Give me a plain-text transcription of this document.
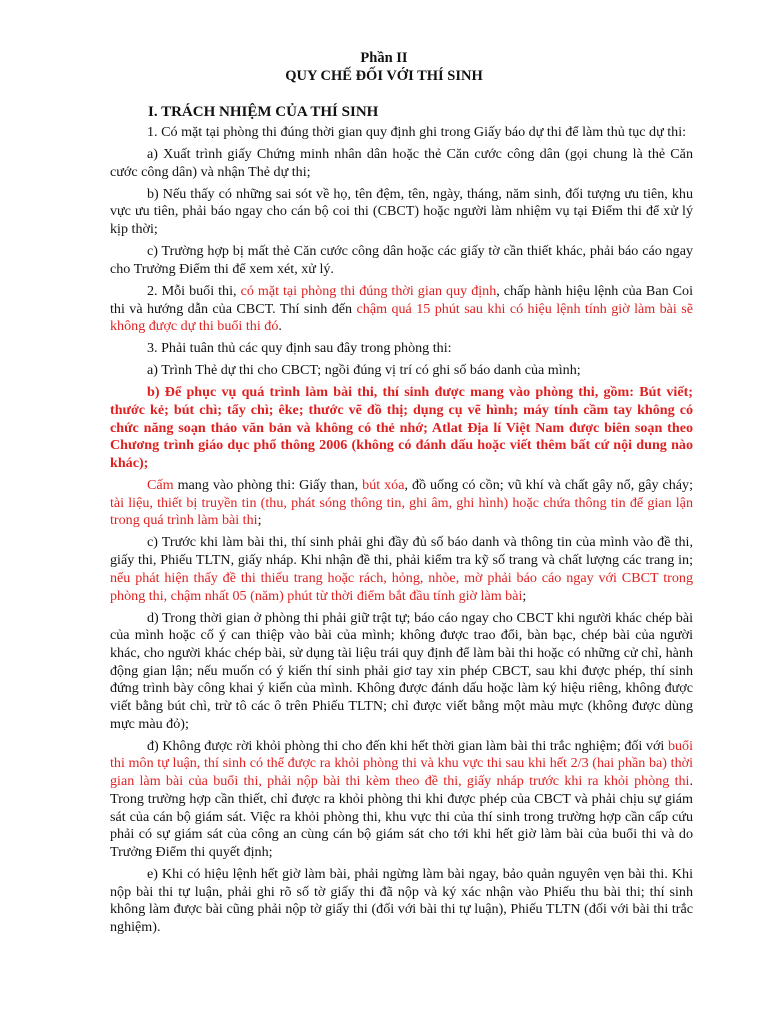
Phần II
QUY CHẾ ĐỐI VỚI THÍ SINH
I. TRÁCH NHIỆM CỦA THÍ SINH

1. Có mặt tại phòng thi đúng thời gian quy định ghi trong Giấy báo dự thi để làm thủ tục dự thi:

a) Xuất trình giấy Chứng minh nhân dân hoặc thẻ Căn cước công dân (gọi chung là thẻ Căn cước công dân) và nhận Thẻ dự thi;

b) Nếu thấy có những sai sót về họ, tên đệm, tên, ngày, tháng, năm sinh, đối tượng ưu tiên, khu vực ưu tiên, phải báo ngay cho cán bộ coi thi (CBCT) hoặc người làm nhiệm vụ tại Điểm thi để xử lý kịp thời;

c) Trường hợp bị mất thẻ Căn cước công dân hoặc các giấy tờ cần thiết khác, phải báo cáo ngay cho Trưởng Điểm thi để xem xét, xử lý.

2. Mỗi buổi thi, có mặt tại phòng thi đúng thời gian quy định, chấp hành hiệu lệnh của Ban Coi thi và hướng dẫn của CBCT. Thí sinh đến chậm quá 15 phút sau khi có hiệu lệnh tính giờ làm bài sẽ không được dự thi buổi thi đó.

3. Phải tuân thủ các quy định sau đây trong phòng thi:

a) Trình Thẻ dự thi cho CBCT; ngồi đúng vị trí có ghi số báo danh của mình;

b) Để phục vụ quá trình làm bài thi, thí sinh được mang vào phòng thi, gồm: Bút viết; thước kẻ; bút chì; tẩy chì; êke; thước vẽ đồ thị; dụng cụ vẽ hình; máy tính cầm tay không có chức năng soạn thảo văn bản và không có thẻ nhớ; Atlat Địa lí Việt Nam được biên soạn theo Chương trình giáo dục phổ thông 2006 (không có đánh dấu hoặc viết thêm bất cứ nội dung nào khác);

Cấm mang vào phòng thi: Giấy than, bút xóa, đồ uống có cồn; vũ khí và chất gây nổ, gây cháy; tài liệu, thiết bị truyền tin (thu, phát sóng thông tin, ghi âm, ghi hình) hoặc chứa thông tin để gian lận trong quá trình làm bài thi;

c) Trước khi làm bài thi, thí sinh phải ghi đầy đủ số báo danh và thông tin của mình vào đề thi, giấy thi, Phiếu TLTN, giấy nháp. Khi nhận đề thi, phải kiểm tra kỹ số trang và chất lượng các trang in; nếu phát hiện thấy đề thi thiếu trang hoặc rách, hỏng, nhòe, mờ phải báo cáo ngay với CBCT trong phòng thi, chậm nhất 05 (năm) phút từ thời điểm bắt đầu tính giờ làm bài;

d) Trong thời gian ở phòng thi phải giữ trật tự; báo cáo ngay cho CBCT khi người khác chép bài của mình hoặc cố ý can thiệp vào bài của mình; không được trao đổi, bàn bạc, chép bài của người khác, cho người khác chép bài, sử dụng tài liệu trái quy định để làm bài thi hoặc có những cử chỉ, hành động gian lận; nếu muốn có ý kiến thí sinh phải giơ tay xin phép CBCT, sau khi được phép, thí sinh đứng trình bày công khai ý kiến của mình. Không được đánh dấu hoặc làm ký hiệu riêng, không được viết bằng bút chì, trừ tô các ô trên Phiếu TLTN; chỉ được viết bằng một màu mực (không được dùng mực màu đỏ);

đ) Không được rời khỏi phòng thi cho đến khi hết thời gian làm bài thi trắc nghiệm; đối với buổi thi môn tự luận, thí sinh có thể được ra khỏi phòng thi và khu vực thi sau khi hết 2/3 (hai phần ba) thời gian làm bài của buổi thi, phải nộp bài thi kèm theo đề thi, giấy nháp trước khi ra khỏi phòng thi. Trong trường hợp cần thiết, chỉ được ra khỏi phòng thi khi được phép của CBCT và phải chịu sự giám sát của cán bộ giám sát. Việc ra khỏi phòng thi, khu vực thi của thí sinh trong trường hợp cần cấp cứu phải có sự giám sát của công an cùng cán bộ giám sát cho tới khi hết giờ làm bài của buổi thi và do Trưởng Điểm thi quyết định;

e) Khi có hiệu lệnh hết giờ làm bài, phải ngừng làm bài ngay, bảo quản nguyên vẹn bài thi. Khi nộp bài thi tự luận, phải ghi rõ số tờ giấy thi đã nộp và ký xác nhận vào Phiếu thu bài thi; thí sinh không làm được bài cũng phải nộp tờ giấy thi (đối với bài thi tự luận), Phiếu TLTN (đối với bài thi trắc nghiệm).
